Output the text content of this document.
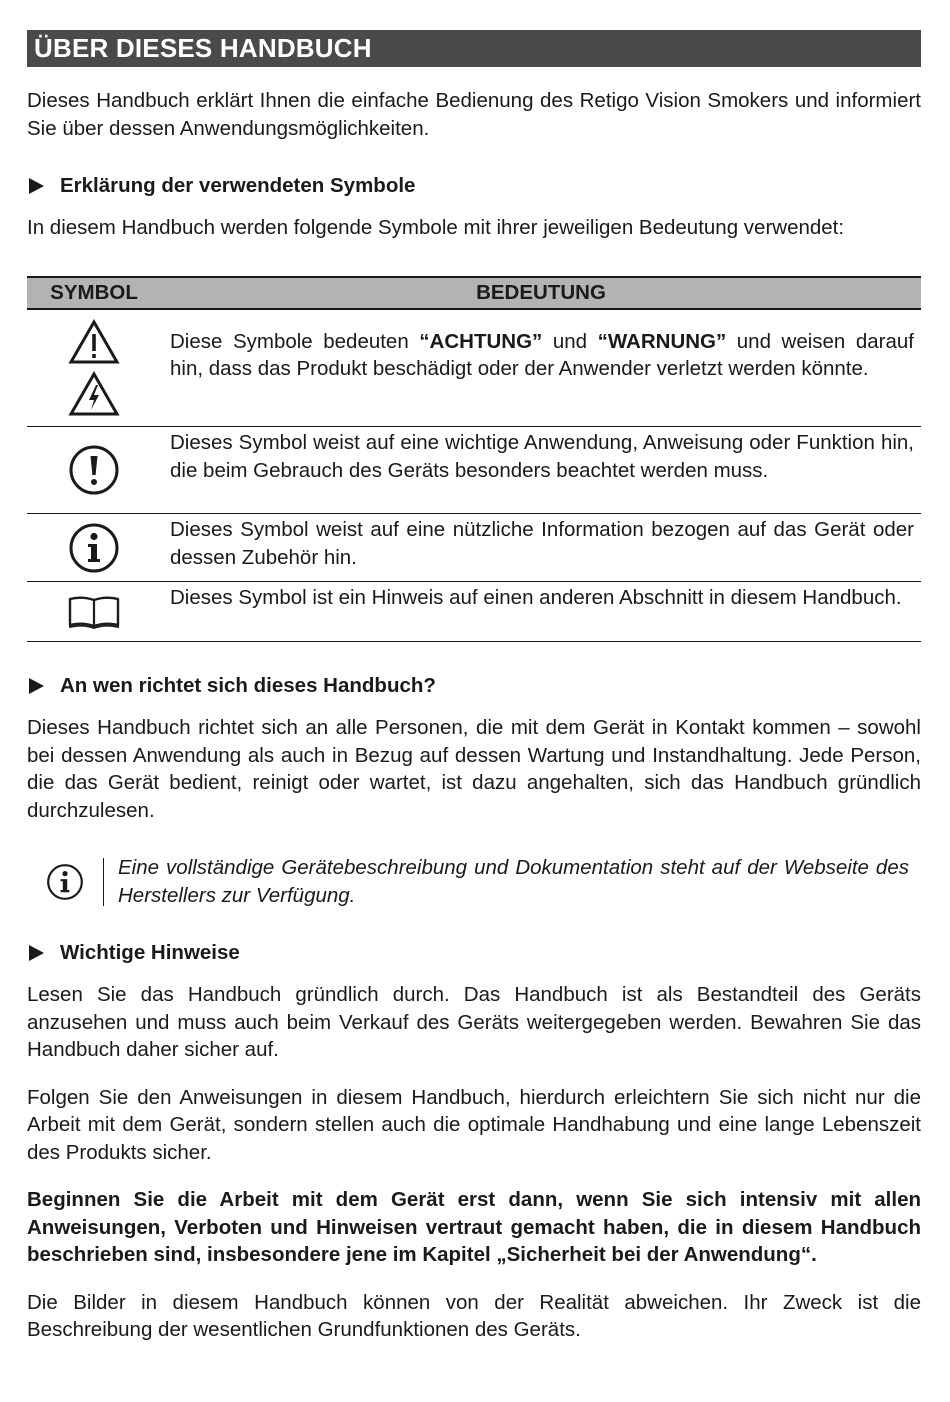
ÜBER DIESES HANDBUCH

Dieses Handbuch erklärt Ihnen die einfache Bedienung des Retigo Vision Smokers und informiert Sie über dessen Anwendungsmöglichkeiten.

Erklärung der verwendeten Symbole

In diesem Handbuch werden folgende Symbole mit ihrer jeweiligen Bedeutung verwendet:

SYMBOL	BEDEUTUNG

	Diese Symbole bedeuten “ACHTUNG” und “WARNUNG” und weisen darauf hin, dass das Produkt beschädigt oder der Anwender verletzt werden könnte.

	Dieses Symbol weist auf eine wichtige Anwendung, Anweisung oder Funktion hin, die beim Gebrauch des Geräts besonders beachtet werden muss.

	Dieses Symbol weist auf eine nützliche Information bezogen auf das Gerät oder dessen Zubehör hin.

	Dieses Symbol ist ein Hinweis auf einen anderen Abschnitt in diesem Handbuch.
An wen richtet sich dieses Handbuch?

Dieses Handbuch richtet sich an alle Personen, die mit dem Gerät in Kontakt kommen – sowohl bei dessen Anwendung als auch in Bezug auf dessen Wartung und Instandhaltung. Jede Person, die das Gerät bedient, reinigt oder wartet, ist dazu angehalten, sich das Handbuch gründlich durchzulesen.

Eine vollständige Gerätebeschreibung und Dokumentation steht auf der Webseite des Herstellers zur Verfügung.
Wichtige Hinweise

Lesen Sie das Handbuch gründlich durch. Das Handbuch ist als Bestandteil des Geräts anzusehen und muss auch beim Verkauf des Geräts weitergegeben werden. Bewahren Sie das Handbuch daher sicher auf.

Folgen Sie den Anweisungen in diesem Handbuch, hierdurch erleichtern Sie sich nicht nur die Arbeit mit dem Gerät, sondern stellen auch die optimale Handhabung und eine lange Lebenszeit des Produkts sicher.

Beginnen Sie die Arbeit mit dem Gerät erst dann, wenn Sie sich intensiv mit allen Anweisungen, Verboten und Hinweisen vertraut gemacht haben, die in diesem Handbuch beschrieben sind, insbesondere jene im Kapitel „Sicherheit bei der Anwendung“.

Die Bilder in diesem Handbuch können von der Realität abweichen. Ihr Zweck ist die Beschreibung der wesentlichen Grundfunktionen des Geräts.
